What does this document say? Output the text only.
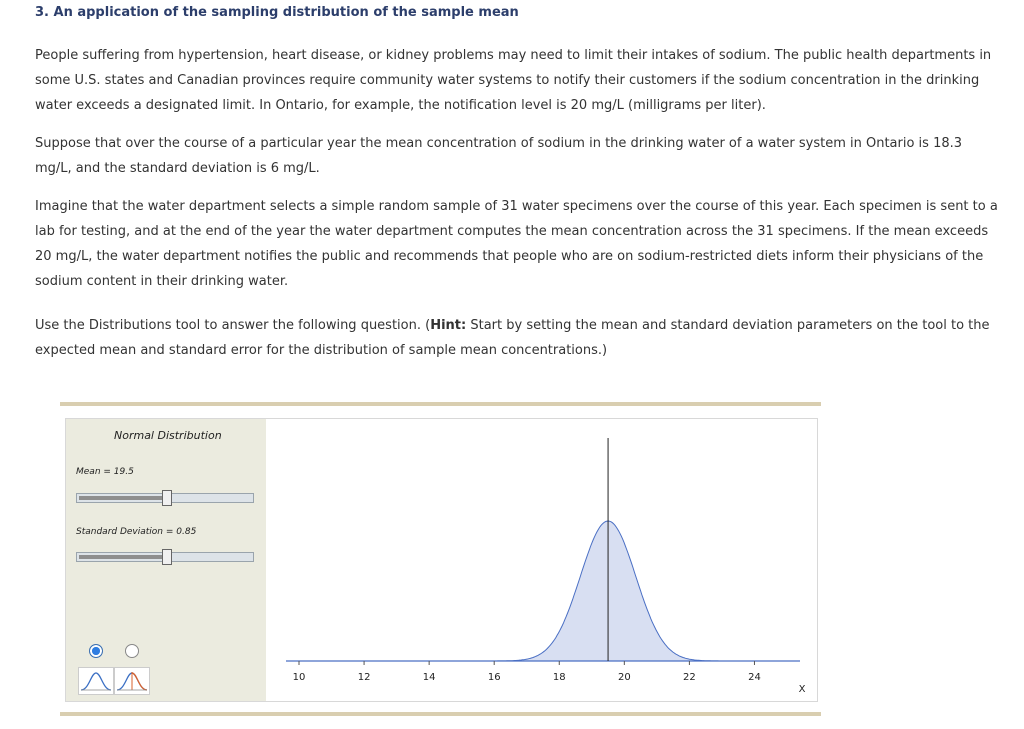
3. An application of the sampling distribution of the sample mean
People suffering from hypertension, heart disease, or kidney problems may need to limit their intakes of sodium. The public health departments in some U.S. states and Canadian provinces require community water systems to notify their customers if the sodium concentration in the drinking water exceeds a designated limit. In Ontario, for example, the notification level is 20 mg/L (milligrams per liter).
Suppose that over the course of a particular year the mean concentration of sodium in the drinking water of a water system in Ontario is 18.3 mg/L, and the standard deviation is 6 mg/L.
Imagine that the water department selects a simple random sample of 31 water specimens over the course of this year. Each specimen is sent to a lab for testing, and at the end of the year the water department computes the mean concentration across the 31 specimens. If the mean exceeds 20 mg/L, the water department notifies the public and recommends that people who are on sodium-restricted diets inform their physicians of the sodium content in their drinking water.
Use the Distributions tool to answer the following question. (Hint: Start by setting the mean and standard deviation parameters on the tool to the expected mean and standard error for the distribution of sample mean concentrations.)
Normal Distribution
Mean = 19.5
Standard Deviation = 0.85
10	12	14	16	18	20	22	24
X
